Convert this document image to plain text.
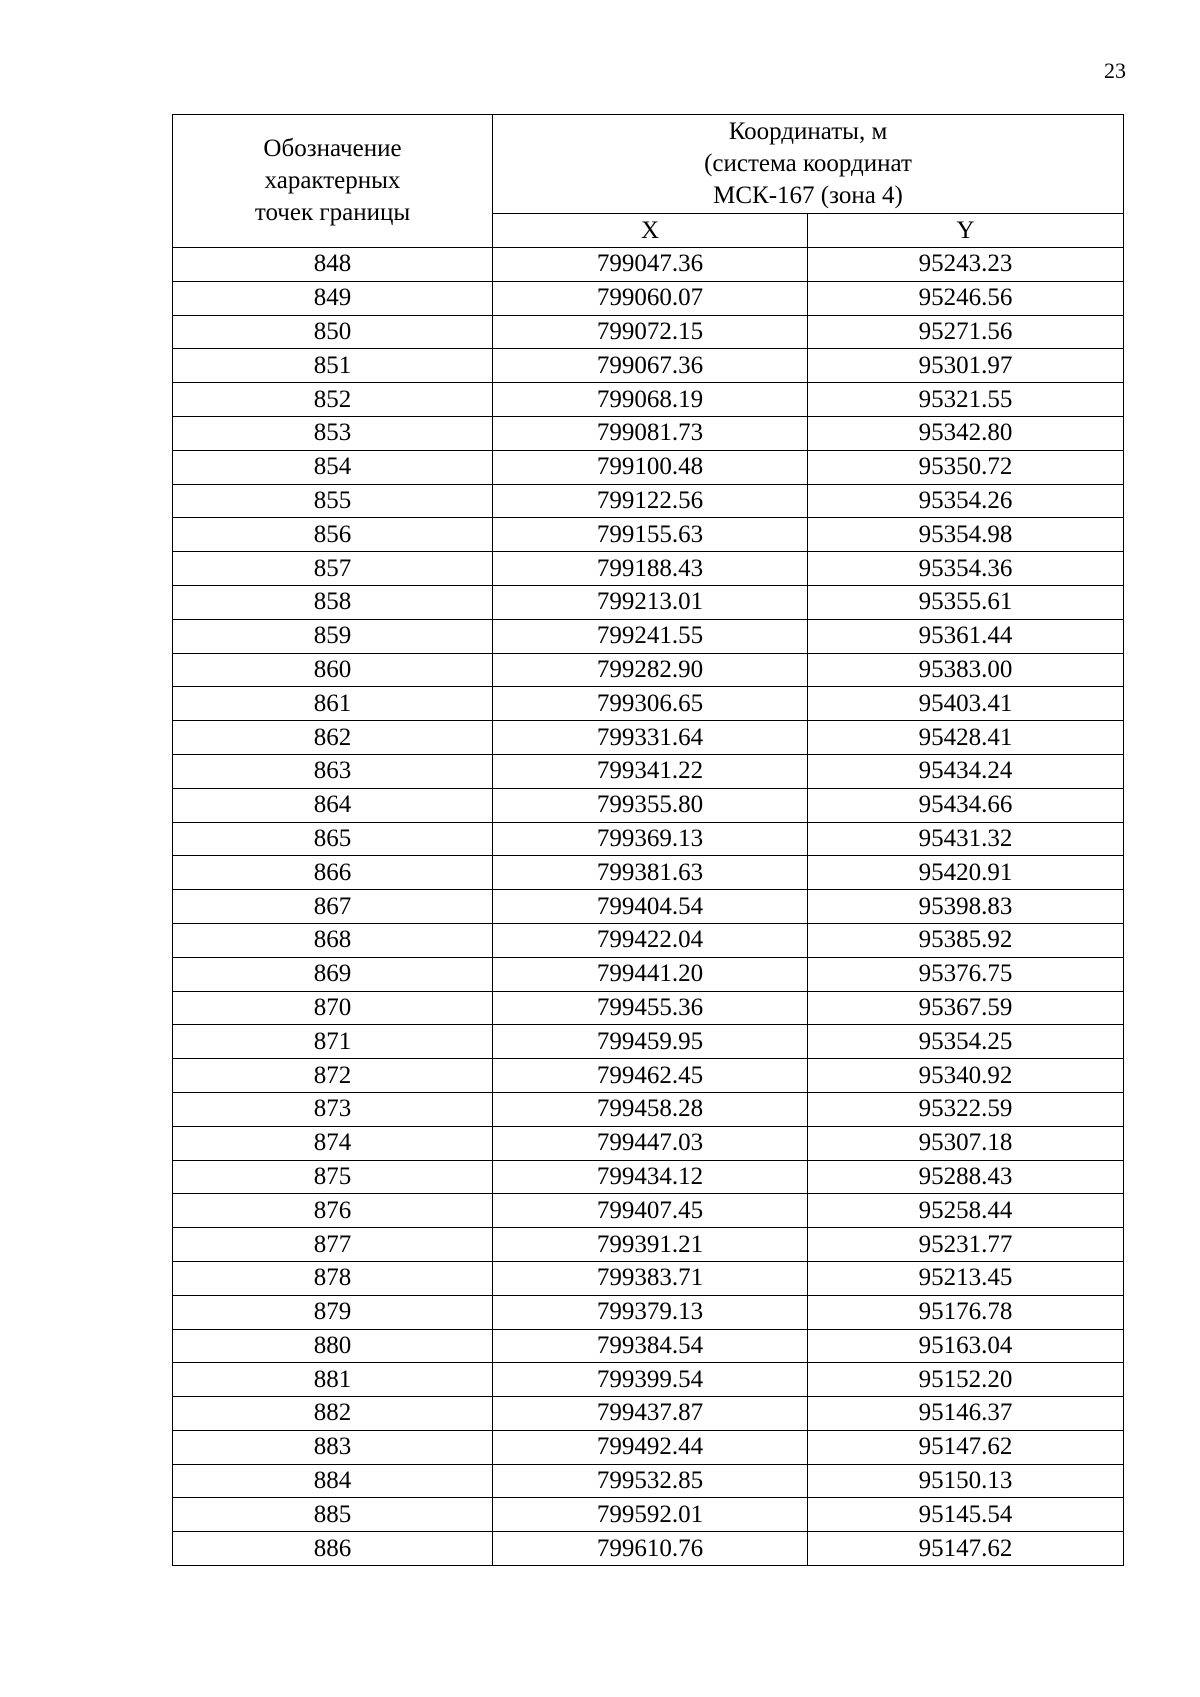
23
Обозначение
характерных
точек границы	Координаты, м
(система координат
МСК-167 (зона 4)	

	X	Y
848	799047.36	95243.23
849	799060.07	95246.56
850	799072.15	95271.56
851	799067.36	95301.97
852	799068.19	95321.55
853	799081.73	95342.80
854	799100.48	95350.72
855	799122.56	95354.26
856	799155.63	95354.98
857	799188.43	95354.36
858	799213.01	95355.61
859	799241.55	95361.44
860	799282.90	95383.00
861	799306.65	95403.41
862	799331.64	95428.41
863	799341.22	95434.24
864	799355.80	95434.66
865	799369.13	95431.32
866	799381.63	95420.91
867	799404.54	95398.83
868	799422.04	95385.92
869	799441.20	95376.75
870	799455.36	95367.59
871	799459.95	95354.25
872	799462.45	95340.92
873	799458.28	95322.59
874	799447.03	95307.18
875	799434.12	95288.43
876	799407.45	95258.44
877	799391.21	95231.77
878	799383.71	95213.45
879	799379.13	95176.78
880	799384.54	95163.04
881	799399.54	95152.20
882	799437.87	95146.37
883	799492.44	95147.62
884	799532.85	95150.13
885	799592.01	95145.54
886	799610.76	95147.62
